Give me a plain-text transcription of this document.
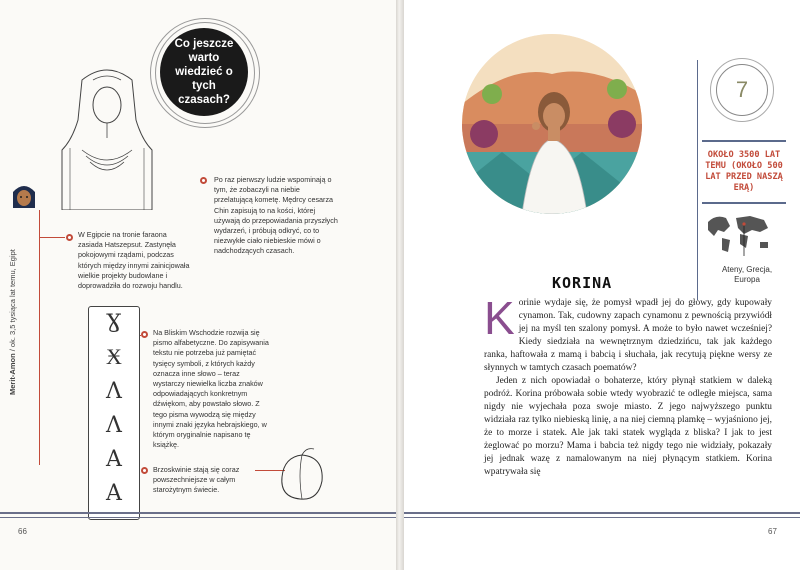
Merit-Amon / ok. 3,5 tysiąca lat temu, Egipt
Co jeszcze warto wiedzieć o tych czasach?
W Egipcie na tronie faraona zasiada Hatszepsut. Zastynęła pokojowymi rządami, podczas których między innymi zainicjowała wielkie projekty budowlane i doprowadziła do rozwoju handlu.
Po raz pierwszy ludzie wspominają o tym, że zobaczyli na niebie przelatującą kometę. Mędrcy cesarza Chin zapisują to na kości, której używają do przepowiadania przyszłych wydarzeń, i próbują odkryć, co to niezwykłe ciało niebieskie mówi o nadchodzących czasach.
Na Bliskim Wschodzie rozwija się pismo alfabetyczne. Do zapisywania tekstu nie potrzeba już pamiętać tysięcy symboli, z których każdy oznacza inne słowo – teraz wystarczy niewielka liczba znaków odpowiadających konkretnym dźwiękom, aby powstało słowo. Z tego pisma wywodzą się między innymi znaki języka hebrajskiego, w którym oryginalnie napisano tę książkę.
Brzoskwinie stają się coraz powszechniejsze w całym starożytnym świecie.
Ɣ
Ӿ
Ʌ
Ʌ
A
A
66
7
OKOŁO 3500 LAT TEMU (OKOŁO 500 LAT PRZED NASZĄ ERĄ)
Ateny, Grecja, Europa
KORINA

Korinie wydaje się, że pomysł wpadł jej do głowy, gdy kupowały cynamon. Tak, cudowny zapach cynamonu z pewnością przywiódł jej na myśl ten szalony pomysł. A może to było nawet wcześniej? Kiedy siedziała na wewnętrznym dziedzińcu, tak jak każdego ranka, haftowała z mamą i babcią i słuchała, jak recytują piękne wersy ze słynnych w tamtych czasach poematów?

Jeden z nich opowiadał o bohaterze, który płynął statkiem w daleką podróż. Korina próbowała sobie wtedy wyobrazić te odległe miejsca, sama nigdy nie wyjechała poza swoje miasto. Z jego najwyższego punktu widziała raz tylko niebieską linię, a na niej ciemną plamkę – wyjaśniono jej, że to morze i statek. Ale jak taki statek wygląda z bliska? I jak to jest żeglować po morzu? Mama i babcia też nigdy tego nie widziały, pokazały jej jednak wazę z namalowanym na niej płynącym statkiem. Korina wpatrywała się

67
